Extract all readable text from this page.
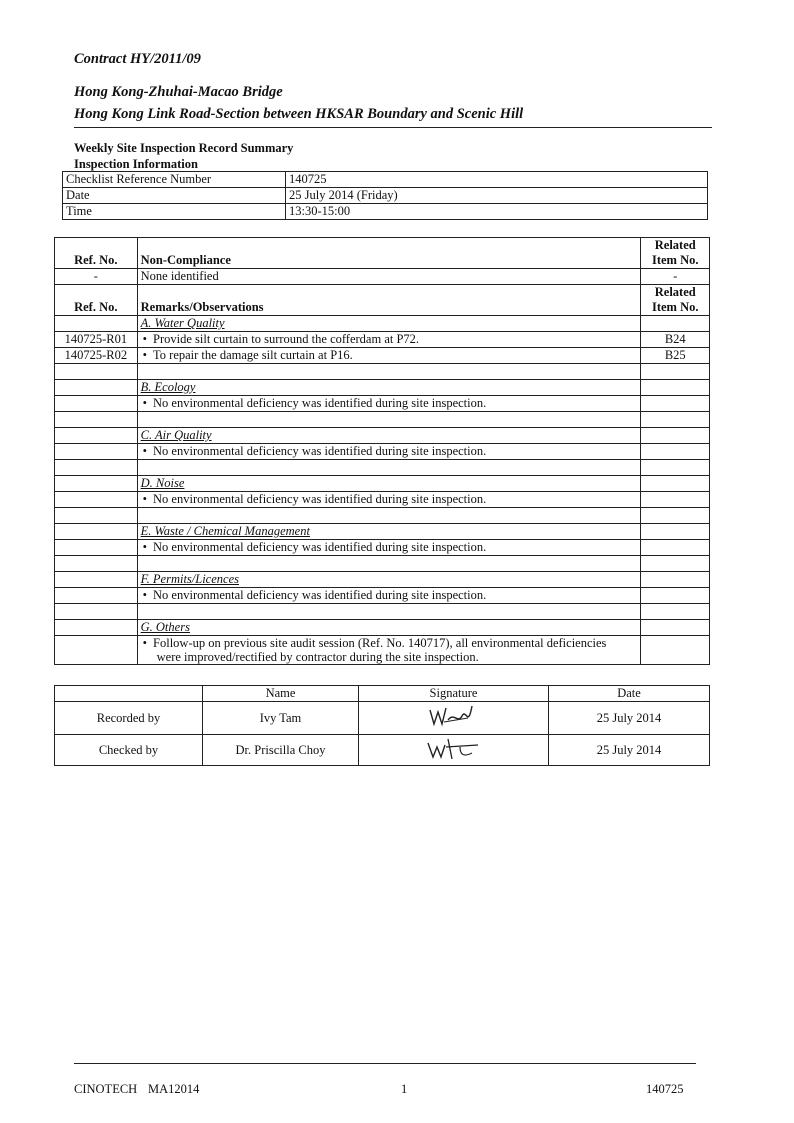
Contract HY/2011/09
Hong Kong-Zhuhai-Macao Bridge
Hong Kong Link Road-Section between HKSAR Boundary and Scenic Hill
Weekly Site Inspection Record Summary
Inspection Information
Checklist Reference Number	140725
Date	25 July 2014 (Friday)
Time	13:30-15:00
Ref. No.	Non-Compliance	Related
Item No.
-	None identified	-
Ref. No.	Remarks/Observations	Related
Item No.
	A. Water Quality	
140725-R01	• Provide silt curtain to surround the cofferdam at P72.	B24
140725-R02	• To repair the damage silt curtain at P16.	B25

	B. Ecology	
	• No environmental deficiency was identified during site inspection.	

	C. Air Quality	
	• No environmental deficiency was identified during site inspection.	

	D. Noise	
	• No environmental deficiency was identified during site inspection.	

	E. Waste / Chemical Management	
	• No environmental deficiency was identified during site inspection.	

	F. Permits/Licences	
	• No environmental deficiency was identified during site inspection.	

	G. Others	
	• Follow-up on previous site audit session (Ref. No. 140717), all environmental deficiencies
were improved/rectified by contractor during the site inspection.	
	Name	Signature	Date
Recorded by	Ivy Tam		25 July 2014
Checked by	Dr. Priscilla Choy		25 July 2014
CINOTECH MA12014	1	140725
